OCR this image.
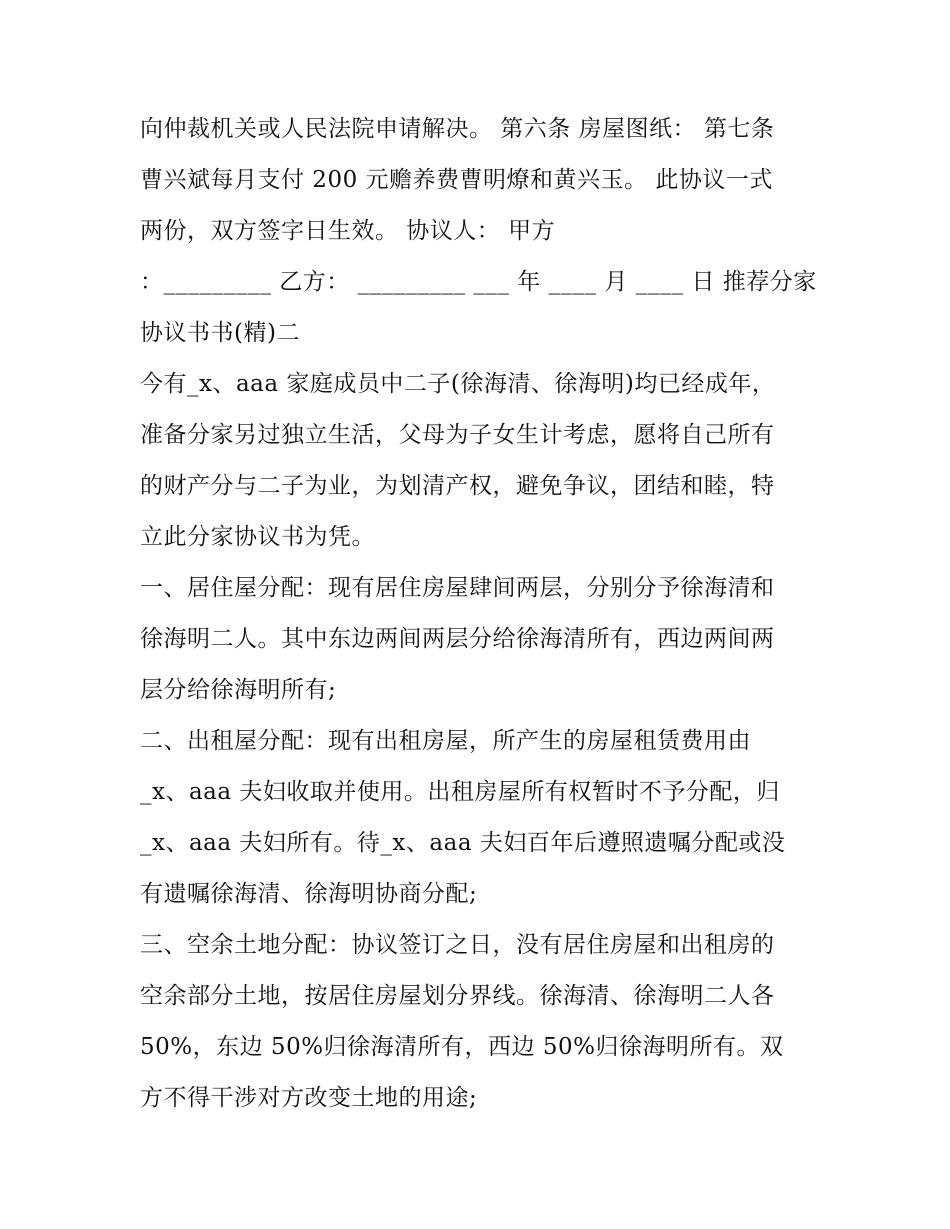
向仲裁机关或人民法院申请解决。 第六条 房屋图纸： 第七条
曹兴斌每月支付 200 元赡养费曹明燎和黄兴玉。 此协议一式
两份，双方签字日生效。 协议人： 甲方
：_________ 乙方： _________ ___ 年 ____ 月 ____ 日 推荐分家
协议书书(精)二
今有_x、aaa 家庭成员中二子(徐海清、徐海明)均已经成年，
准备分家另过独立生活，父母为子女生计考虑，愿将自己所有
的财产分与二子为业，为划清产权，避免争议，团结和睦，特
立此分家协议书为凭。
一、居住屋分配：现有居住房屋肆间两层，分别分予徐海清和
徐海明二人。其中东边两间两层分给徐海清所有，西边两间两
层分给徐海明所有;
二、出租屋分配：现有出租房屋，所产生的房屋租赁费用由
_x、aaa 夫妇收取并使用。出租房屋所有权暂时不予分配，归
_x、aaa 夫妇所有。待_x、aaa 夫妇百年后遵照遗嘱分配或没
有遗嘱徐海清、徐海明协商分配;
三、空余土地分配：协议签订之日，没有居住房屋和出租房的
空余部分土地，按居住房屋划分界线。徐海清、徐海明二人各
50%，东边 50%归徐海清所有，西边 50%归徐海明所有。双
方不得干涉对方改变土地的用途;
